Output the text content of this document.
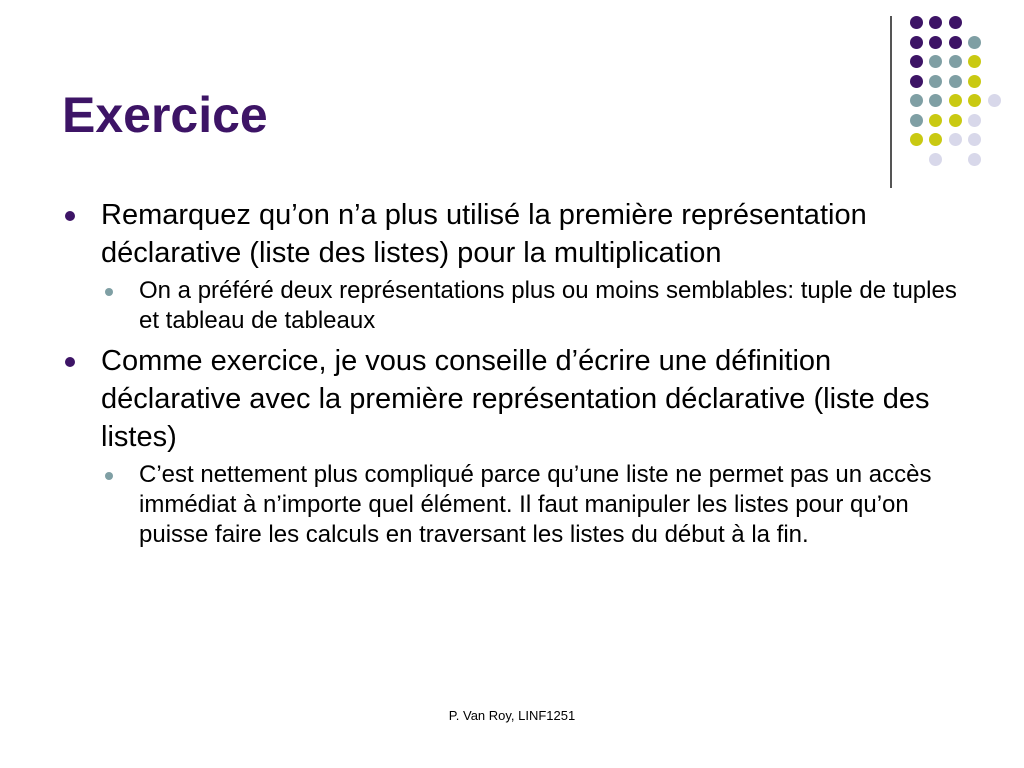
Exercice
Remarquez qu’on n’a plus utilisé la première représentation déclarative (liste des listes) pour la multiplication
On a préféré deux représentations plus ou moins semblables: tuple de tuples et tableau de tableaux
Comme exercice, je vous conseille d’écrire une définition déclarative avec la première représentation déclarative (liste des listes)
C’est nettement plus compliqué parce qu’une liste ne permet pas un accès immédiat à n’importe quel élément. Il faut manipuler les listes pour qu’on puisse faire les calculs en traversant les listes du début à la fin.
P. Van Roy, LINF1251
